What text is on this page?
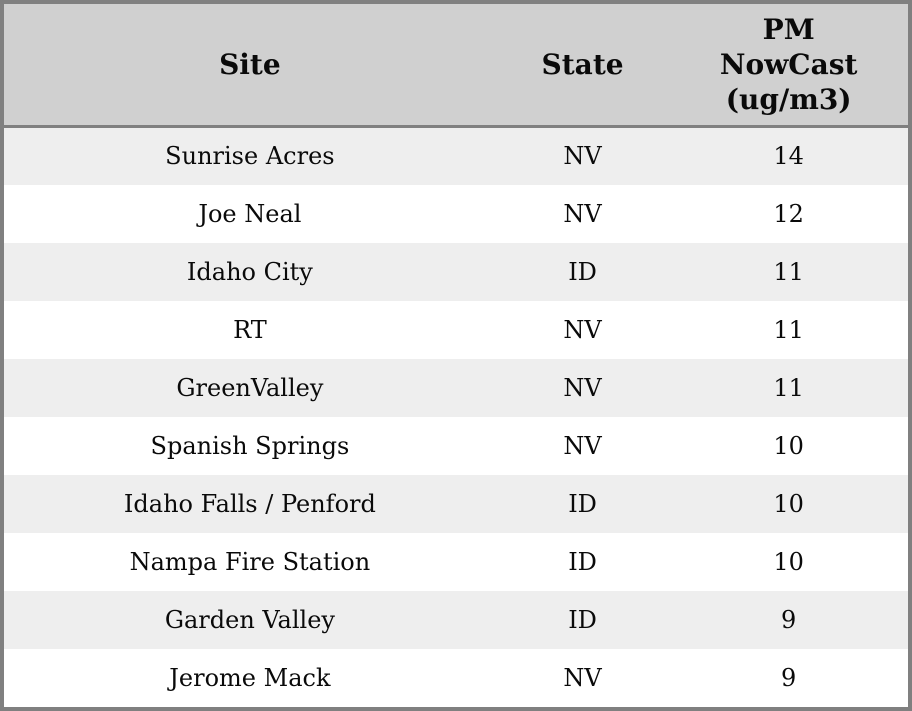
Site	State	PM NowCast (ug/m3)

Sunrise Acres	NV	14
Joe Neal	NV	12
Idaho City	ID	11
RT	NV	11
GreenValley	NV	11
Spanish Springs	NV	10
Idaho Falls / Penford	ID	10
Nampa Fire Station	ID	10
Garden Valley	ID	9
Jerome Mack	NV	9
